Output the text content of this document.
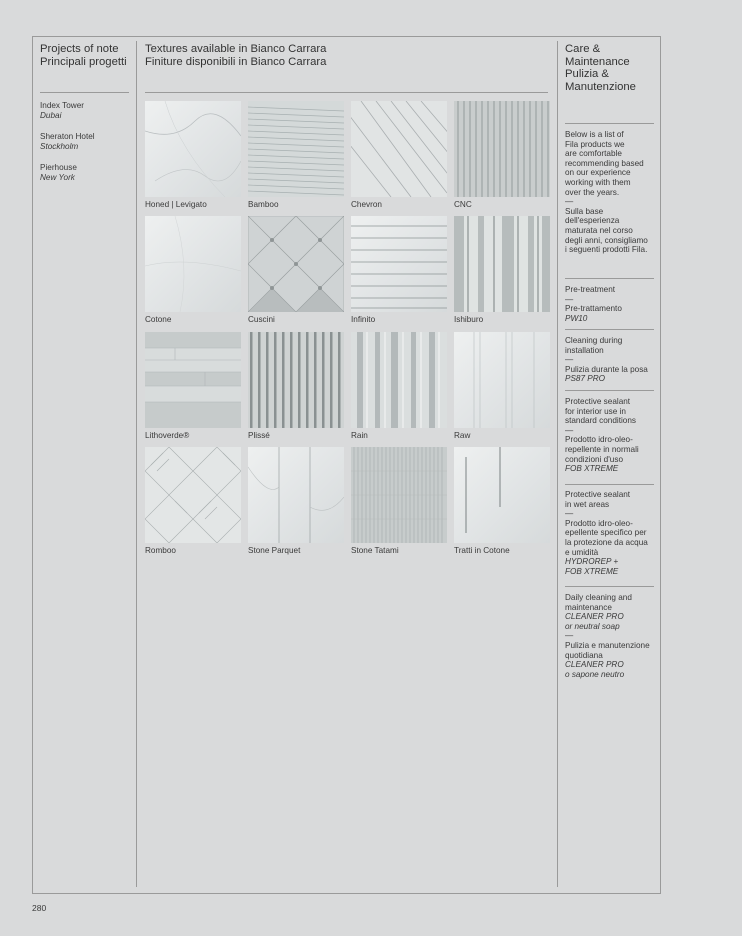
Projects of note
Principali progetti
Index Tower
Dubai
Sheraton Hotel
Stockholm
Pierhouse
New York
Textures available in Bianco Carrara
Finiture disponibili in Bianco Carrara
Honed | Levigato	Bamboo	Chevron	CNC
Cotone	Cuscini	Infinito	Ishiburo
Lithoverde®	Plissé	Rain	Raw
Romboo	Stone Parquet	Stone Tatami	Tratti in Cotone
Care &
Maintenance
Pulizia &
Manutenzione
Below is a list of
Fila products we
are comfortable
recommending based
on our experience
working with them
over the years.
—
Sulla base
dell'esperienza
maturata nel corso
degli anni, consigliamo
i seguenti prodotti Fila.
Pre-treatment
—
Pre-trattamento
PW10
Cleaning during
installation
—
Pulizia durante la posa
PS87 PRO
Protective sealant
for interior use in
standard conditions
—
Prodotto idro-oleo-
repellente in normali
condizioni d'uso
FOB XTREME
Protective sealant
in wet areas
—
Prodotto idro-oleo-
epellente specifico per
la protezione da acqua
e umidità
HYDROREP +
FOB XTREME
Daily cleaning and
maintenance
CLEANER PRO
or neutral soap
—
Pulizia e manutenzione
quotidiana
CLEANER PRO
o sapone neutro
280
